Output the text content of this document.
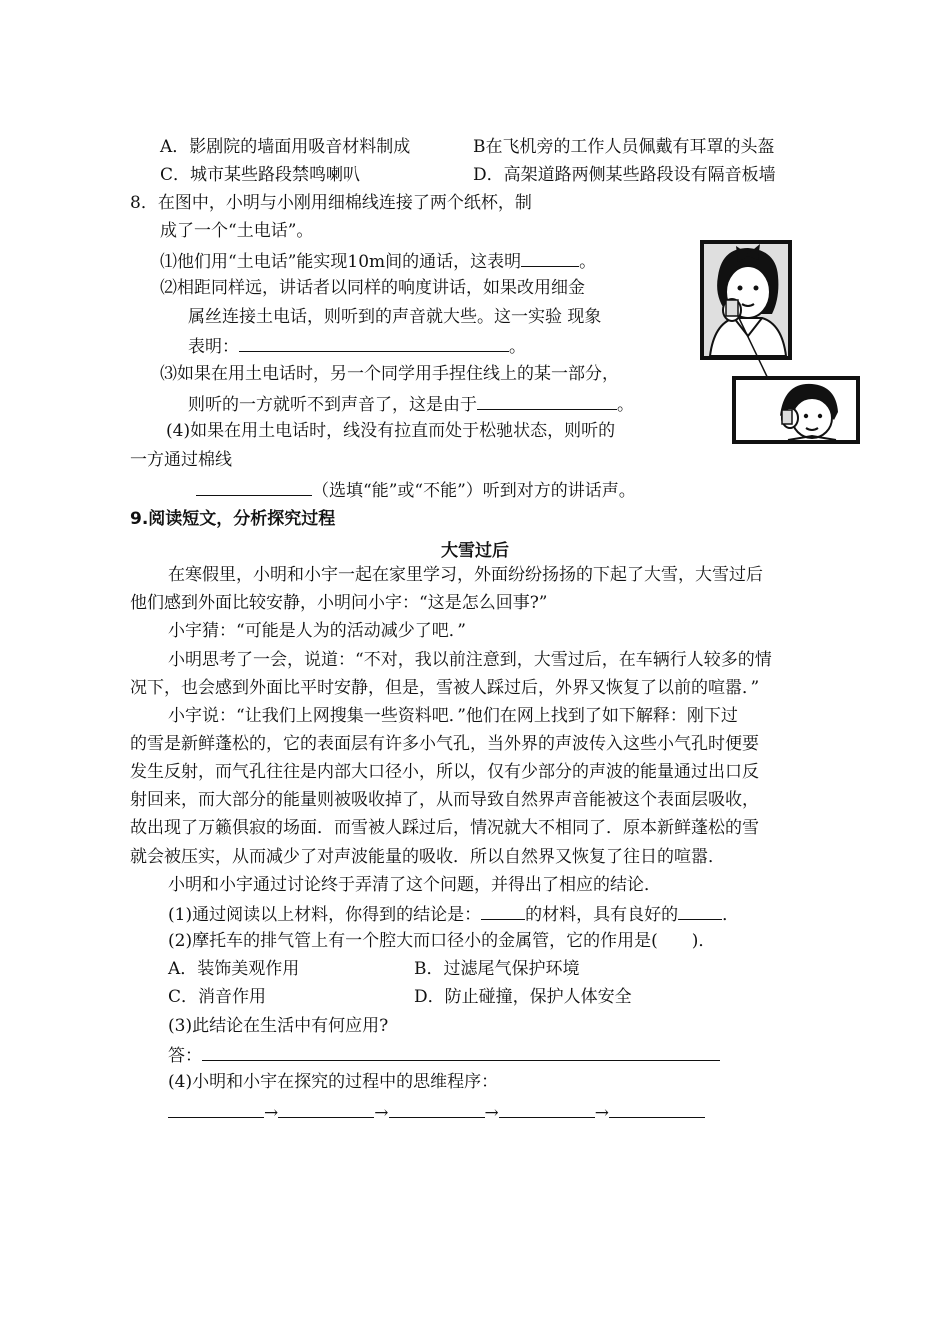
A．影剧院的墙面用吸音材料制成	B在飞机旁的工作人员佩戴有耳罩的头盔
C．城市某些路段禁鸣喇叭	D．高架道路两侧某些路段设有隔音板墙
8．在图中，小明与小刚用细棉线连接了两个纸杯，制
成了一个“土电话”。
⑴他们用“土电话”能实现10m间的通话，这表明	。
⑵相距同样远，讲话者以同样的响度讲话，如果改用细金
属丝连接土电话，则听到的声音就大些。这一实验 现象
表明：	。
⑶如果在用土电话时，另一个同学用手捏住线上的某一部分，
则听的一方就听不到声音了，这是由于	。
(4)如果在用土电话时，线没有拉直而处于松驰状态，则听的
一方通过棉线
（选填“能”或“不能”）听到对方的讲话声。
9.阅读短文，分析探究过程
大雪过后
在寒假里，小明和小宇一起在家里学习，外面纷纷扬扬的下起了大雪，大雪过后
他们感到外面比较安静，小明问小宇：“这是怎么回事?”
小宇猜：“可能是人为的活动减少了吧．”
小明思考了一会，说道：“不对，我以前注意到，大雪过后，在车辆行人较多的情
况下，也会感到外面比平时安静，但是，雪被人踩过后，外界又恢复了以前的喧嚣．”
小宇说：“让我们上网搜集一些资料吧．”他们在网上找到了如下解释：刚下过
的雪是新鲜蓬松的，它的表面层有许多小气孔，当外界的声波传入这些小气孔时便要
发生反射，而气孔往往是内部大口径小，所以，仅有少部分的声波的能量通过出口反
射回来，而大部分的能量则被吸收掉了，从而导致自然界声音能被这个表面层吸收，
故出现了万籁俱寂的场面．而雪被人踩过后，情况就大不相同了．原本新鲜蓬松的雪
就会被压实，从而减少了对声波能量的吸收．所以自然界又恢复了往日的喧嚣．
小明和小宇通过讨论终于弄清了这个问题，并得出了相应的结论．
(1)通过阅读以上材料，你得到的结论是：	的材料，具有良好的	．
(2)摩托车的排气管上有一个腔大而口径小的金属管，它的作用是(　　)．
A．装饰美观作用	B．过滤尾气保护环境
C．消音作用	D．防止碰撞，保护人体安全
(3)此结论在生活中有何应用?
答：
(4)小明和小宇在探究的过程中的思维程序：
→	→	→	→
